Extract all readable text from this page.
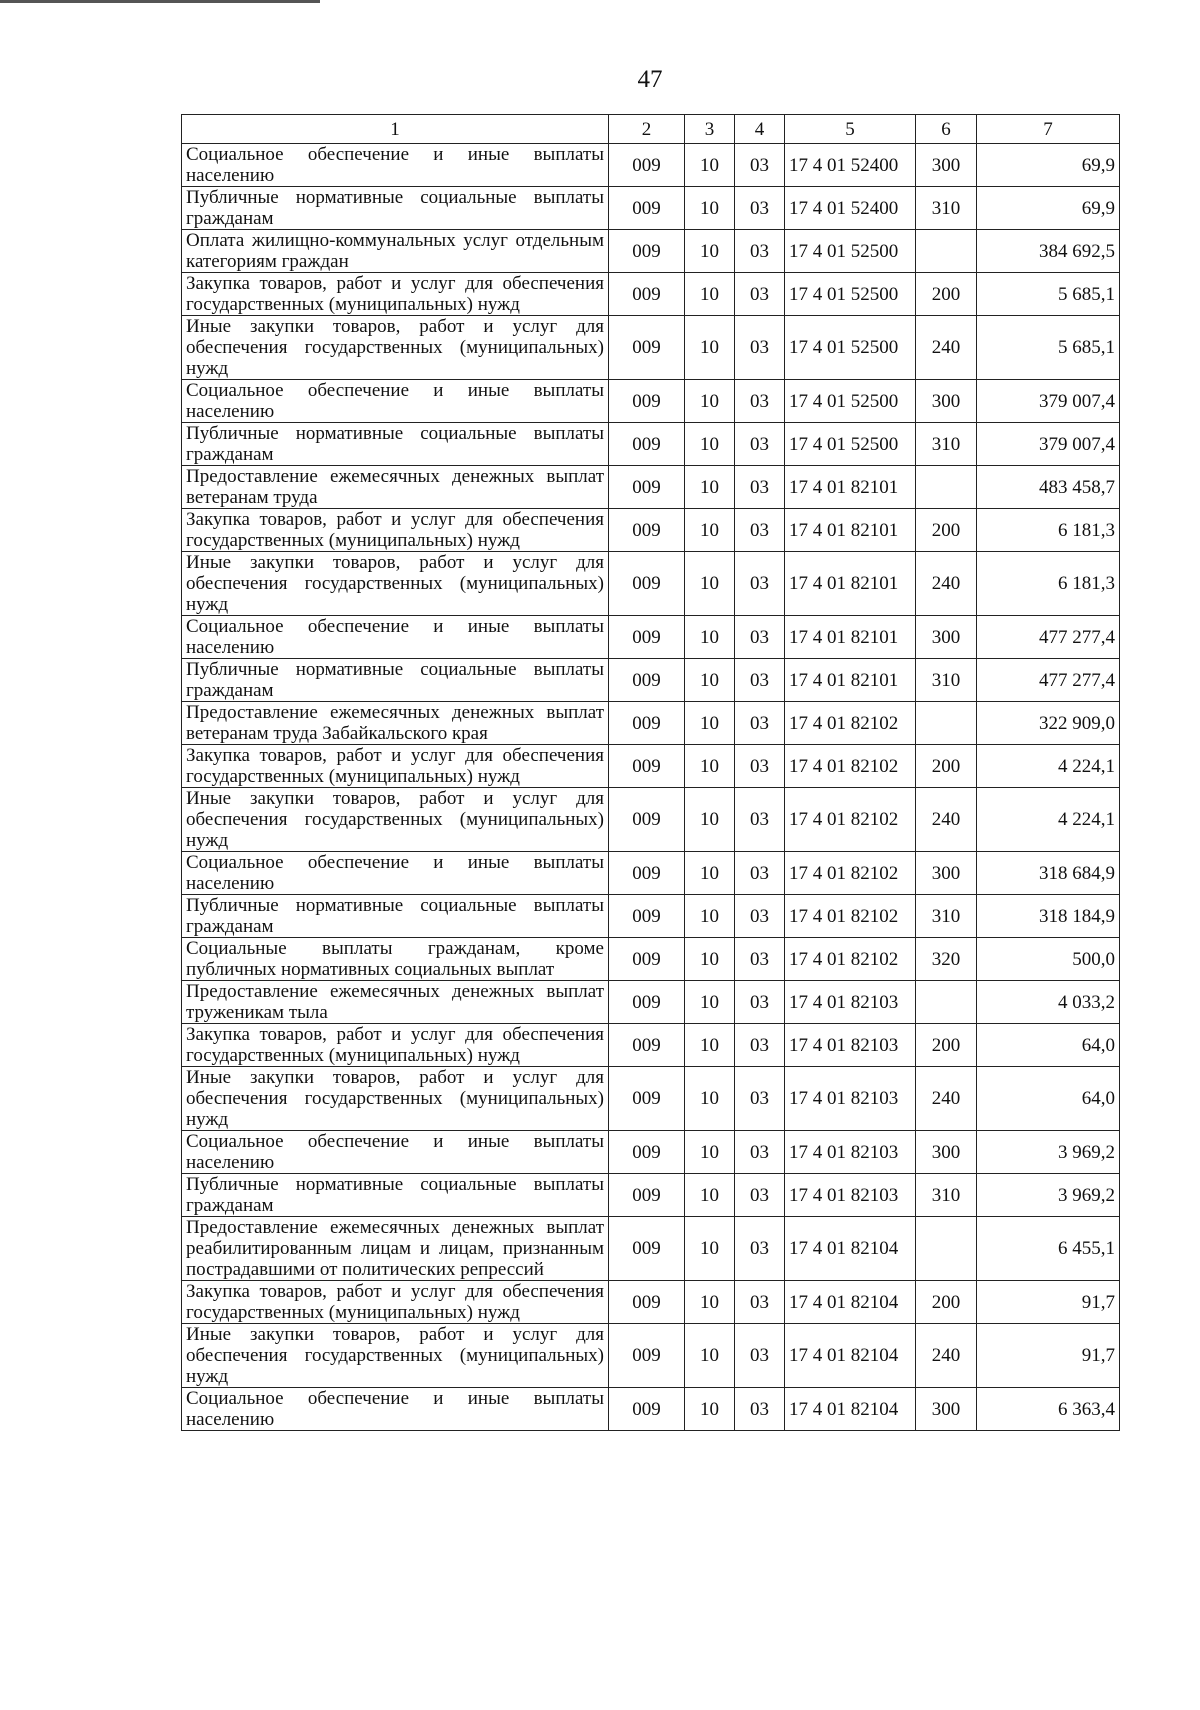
47
1	2	3	4	5	6	7
Социальное обеспечение и иные выплаты населению	009	10	03	17 4 01 52400	300	69,9
Публичные нормативные социальные выплаты гражданам	009	10	03	17 4 01 52400	310	69,9
Оплата жилищно-коммунальных услуг отдельным категориям граждан	009	10	03	17 4 01 52500		384 692,5
Закупка товаров, работ и услуг для обеспечения государственных (муниципальных) нужд	009	10	03	17 4 01 52500	200	5 685,1
Иные закупки товаров, работ и услуг для обеспечения государственных (муниципальных) нужд	009	10	03	17 4 01 52500	240	5 685,1
Социальное обеспечение и иные выплаты населению	009	10	03	17 4 01 52500	300	379 007,4
Публичные нормативные социальные выплаты гражданам	009	10	03	17 4 01 52500	310	379 007,4
Предоставление ежемесячных денежных выплат ветеранам труда	009	10	03	17 4 01 82101		483 458,7
Закупка товаров, работ и услуг для обеспечения государственных (муниципальных) нужд	009	10	03	17 4 01 82101	200	6 181,3
Иные закупки товаров, работ и услуг для обеспечения государственных (муниципальных) нужд	009	10	03	17 4 01 82101	240	6 181,3
Социальное обеспечение и иные выплаты населению	009	10	03	17 4 01 82101	300	477 277,4
Публичные нормативные социальные выплаты гражданам	009	10	03	17 4 01 82101	310	477 277,4
Предоставление ежемесячных денежных выплат ветеранам труда Забайкальского края	009	10	03	17 4 01 82102		322 909,0
Закупка товаров, работ и услуг для обеспечения государственных (муниципальных) нужд	009	10	03	17 4 01 82102	200	4 224,1
Иные закупки товаров, работ и услуг для обеспечения государственных (муниципальных) нужд	009	10	03	17 4 01 82102	240	4 224,1
Социальное обеспечение и иные выплаты населению	009	10	03	17 4 01 82102	300	318 684,9
Публичные нормативные социальные выплаты гражданам	009	10	03	17 4 01 82102	310	318 184,9
Социальные выплаты гражданам, кроме публичных нормативных социальных выплат	009	10	03	17 4 01 82102	320	500,0
Предоставление ежемесячных денежных выплат труженикам тыла	009	10	03	17 4 01 82103		4 033,2
Закупка товаров, работ и услуг для обеспечения государственных (муниципальных) нужд	009	10	03	17 4 01 82103	200	64,0
Иные закупки товаров, работ и услуг для обеспечения государственных (муниципальных) нужд	009	10	03	17 4 01 82103	240	64,0
Социальное обеспечение и иные выплаты населению	009	10	03	17 4 01 82103	300	3 969,2
Публичные нормативные социальные выплаты гражданам	009	10	03	17 4 01 82103	310	3 969,2
Предоставление ежемесячных денежных выплат реабилитированным лицам и лицам, признанным пострадавшими от политических репрессий	009	10	03	17 4 01 82104		6 455,1
Закупка товаров, работ и услуг для обеспечения государственных (муниципальных) нужд	009	10	03	17 4 01 82104	200	91,7
Иные закупки товаров, работ и услуг для обеспечения государственных (муниципальных) нужд	009	10	03	17 4 01 82104	240	91,7
Социальное обеспечение и иные выплаты населению	009	10	03	17 4 01 82104	300	6 363,4
